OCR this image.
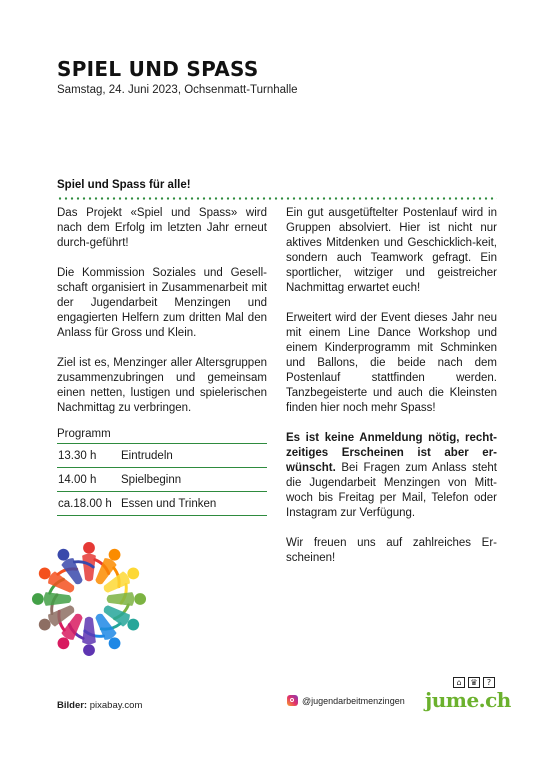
SPIEL UND SPASS
Samstag, 24. Juni 2023, Ochsenmatt-Turnhalle
Spiel und Spass für alle!

Das Projekt «Spiel und Spass» wird nach dem Erfolg im letzten Jahr erneut durch-geführt!

Die Kommission Soziales und Gesell-schaft organisiert in Zusammenarbeit mit der Jugendarbeit Menzingen und engagierten Helfern zum dritten Mal den Anlass für Gross und Klein.

Ziel ist es, Menzinger aller Altersgruppen zusammenzubringen und gemeinsam einen netten, lustigen und spielerischen Nachmittag zu verbringen.

Programm
13.30 h	Eintrudeln
14.00 h	Spielbeginn
ca.18.00 h	Essen und Trinken

Ein gut ausgetüftelter Postenlauf wird in Gruppen absolviert. Hier ist nicht nur aktives Mitdenken und Geschicklich-keit, sondern auch Teamwork gefragt. Ein sportlicher, witziger und geistreicher Nachmittag erwartet euch!

Erweitert wird der Event dieses Jahr neu mit einem Line Dance Workshop und einem Kinderprogramm mit Schminken und Ballons, die beide nach dem Postenlauf stattfinden werden. Tanzbegeisterte und auch die Kleinsten finden hier noch mehr Spass!

Es ist keine Anmeldung nötig, recht-zeitiges Erscheinen ist aber er-wünscht. Bei Fragen zum Anlass steht die Jugendarbeit Menzingen von Mitt-woch bis Freitag per Mail, Telefon oder Instagram zur Verfügung.

Wir freuen uns auf zahlreiches Er-scheinen!

Bilder: pixabay.com	@jugendarbeitmenzingen
⌂	♛	?
jume.ch
